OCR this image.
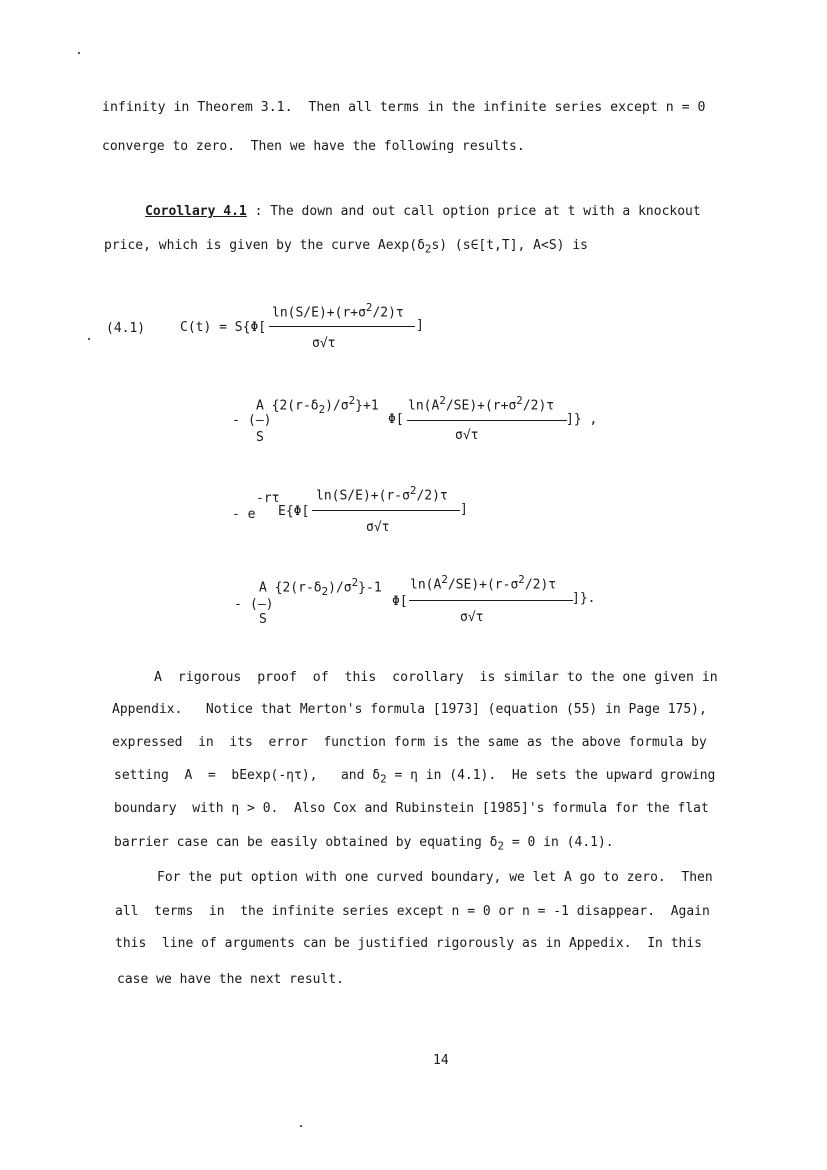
infinity in Theorem 3.1.  Then all terms in the infinite series except n = 0
converge to zero.  Then we have the following results.
Corollary 4.1 : The down and out call option price at t with a knockout
price, which is given by the curve $Aexp(\delta_2s)$ (s∈[t,T], A<S) is
(4.1)	C(t) = S{Φ[
$\ln(S/E)+(r+\sigma^2/2)\tau$
]
σ√τ
A $\{2(r-\delta_2)/\sigma^2\}+1$
- (―)
S
$\ln(A^2/SE)+(r+\sigma^2/2)\tau$
Φ[	]} ,
σ√τ
-rτ
- e E{Φ[
$\ln(S/E)+(r-\sigma^2/2)\tau$
]
σ√τ
A $\{2(r-\delta_2)/\sigma^2\}-1$
- (―)
S
$\ln(A^2/SE)+(r-\sigma^2/2)\tau$
Φ[	]}.
σ√τ
A  rigorous  proof  of  this  corollary  is similar to the one given in
Appendix.   Notice that Merton's formula [1973] (equation (55) in Page 175),
expressed  in  its  error  function form is the same as the above formula by
setting  A  =  bEexp(-ητ),   and $\delta_2 = \eta$ in (4.1).  He sets the upward growing
boundary  with η > 0.  Also Cox and Rubinstein [1985]'s formula for the flat
barrier case can be easily obtained by equating $\delta_2 = 0$ in (4.1).
For the put option with one curved boundary, we let A go to zero.  Then
all  terms  in  the infinite series except n = 0 or n = -1 disappear.  Again
this  line of arguments can be justified rigorously as in Appedix.  In this
case we have the next result.
14
